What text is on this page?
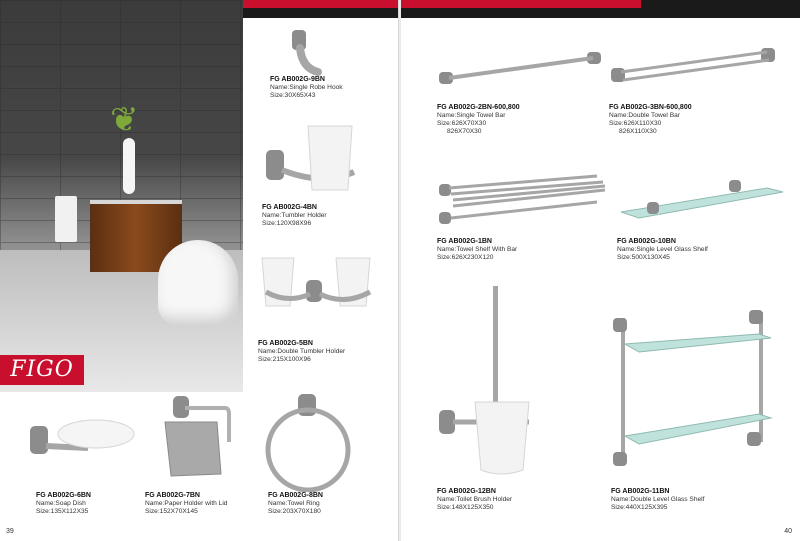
❦
FIGO
FG AB002G-9BN
Name:Single Robe Hook
Size:30X65X43
FG AB002G-4BN
Name:Tumbler Holder
Size:120X98X96
FG AB002G-5BN
Name:Double Tumbler Holder
Size:215X100X96
FG AB002G-6BN
Name:Soap Dish
Size:135X112X35
FG AB002G-7BN
Name:Paper Holder with Lid
Size:152X70X145
FG AB002G-8BN
Name:Towel Ring
Size:203X70X180
39
FG AB002G-2BN-600,800
Name:Single Towel Bar
Size:626X70X30
826X70X30
FG AB002G-3BN-600,800
Name:Double Towel Bar
Size:626X110X30
826X110X30
FG AB002G-1BN
Name:Towel Shelf With Bar
Size:626X230X120
FG AB002G-10BN
Name:Single Level Glass Shelf
Size:500X130X45
FG AB002G-12BN
Name:Toilet Brush Holder
Size:148X125X350
FG AB002G-11BN
Name:Double Level Glass Shelf
Size:440X125X395
40
